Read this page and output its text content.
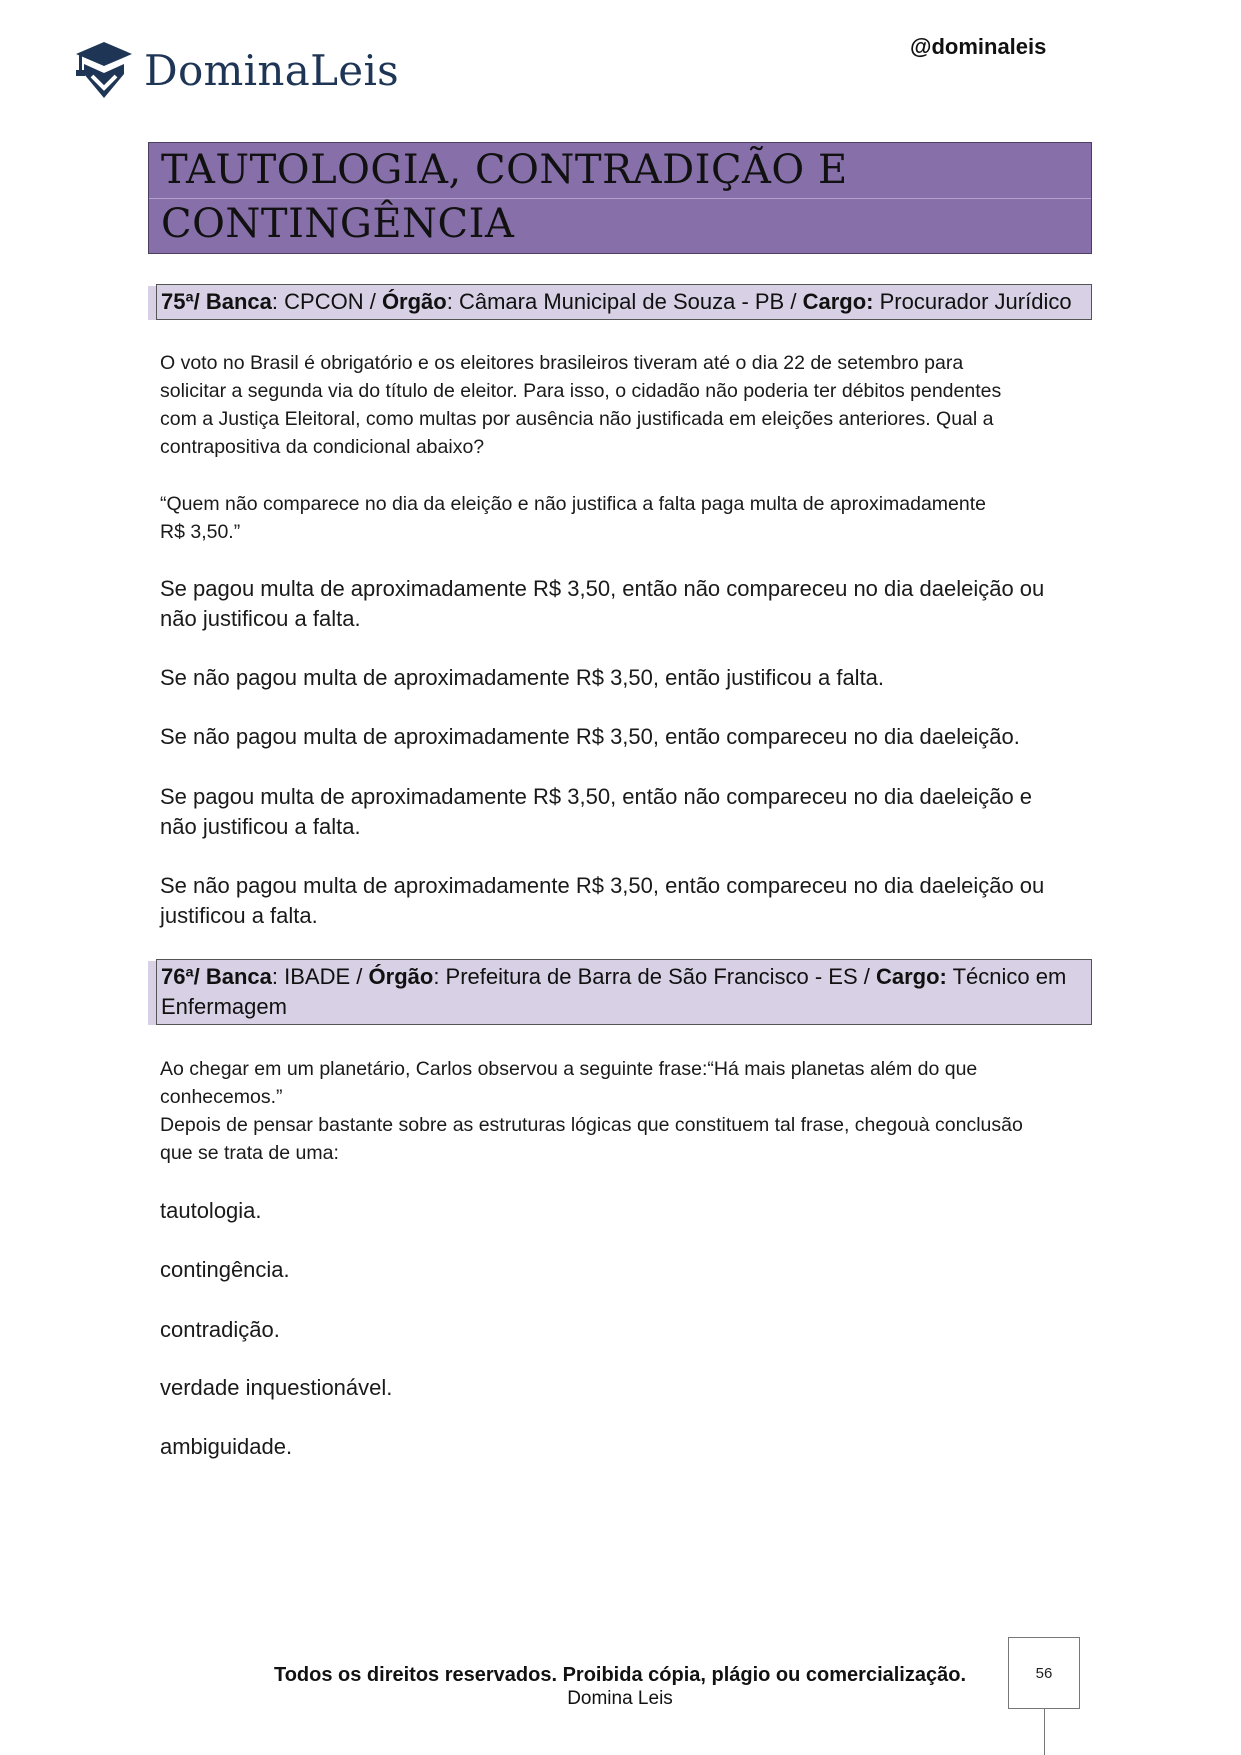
DominaLeis	@dominaleis
TAUTOLOGIA, CONTRADIÇÃO E
CONTINGÊNCIA
75ª/ Banca: CPCON / Órgão: Câmara Municipal de Souza - PB / Cargo: Procurador Jurídico
O voto no Brasil é obrigatório e os eleitores brasileiros tiveram até o dia 22 de setembro para
solicitar a segunda via do título de eleitor. Para isso, o cidadão não poderia ter débitos pendentes
com a Justiça Eleitoral, como multas por ausência não justificada em eleições anteriores. Qual a
contrapositiva da condicional abaixo?
“Quem não comparece no dia da eleição e não justifica a falta paga multa de aproximadamente
R$ 3,50.”
Se pagou multa de aproximadamente R$ 3,50, então não compareceu no dia daeleição ou
não justificou a falta.
Se não pagou multa de aproximadamente R$ 3,50, então justificou a falta.
Se não pagou multa de aproximadamente R$ 3,50, então compareceu no dia daeleição.
Se pagou multa de aproximadamente R$ 3,50, então não compareceu no dia daeleição e
não justificou a falta.
Se não pagou multa de aproximadamente R$ 3,50, então compareceu no dia daeleição ou
justificou a falta.
76ª/ Banca: IBADE / Órgão: Prefeitura de Barra de São Francisco - ES / Cargo: Técnico em Enfermagem
Ao chegar em um planetário, Carlos observou a seguinte frase:“Há mais planetas além do que
conhecemos.”
Depois de pensar bastante sobre as estruturas lógicas que constituem tal frase, chegouà conclusão
que se trata de uma:
tautologia.
contingência.
contradição.
verdade inquestionável.
ambiguidade.
Todos os direitos reservados. Proibida cópia, plágio ou comercialização.
Domina Leis
56
